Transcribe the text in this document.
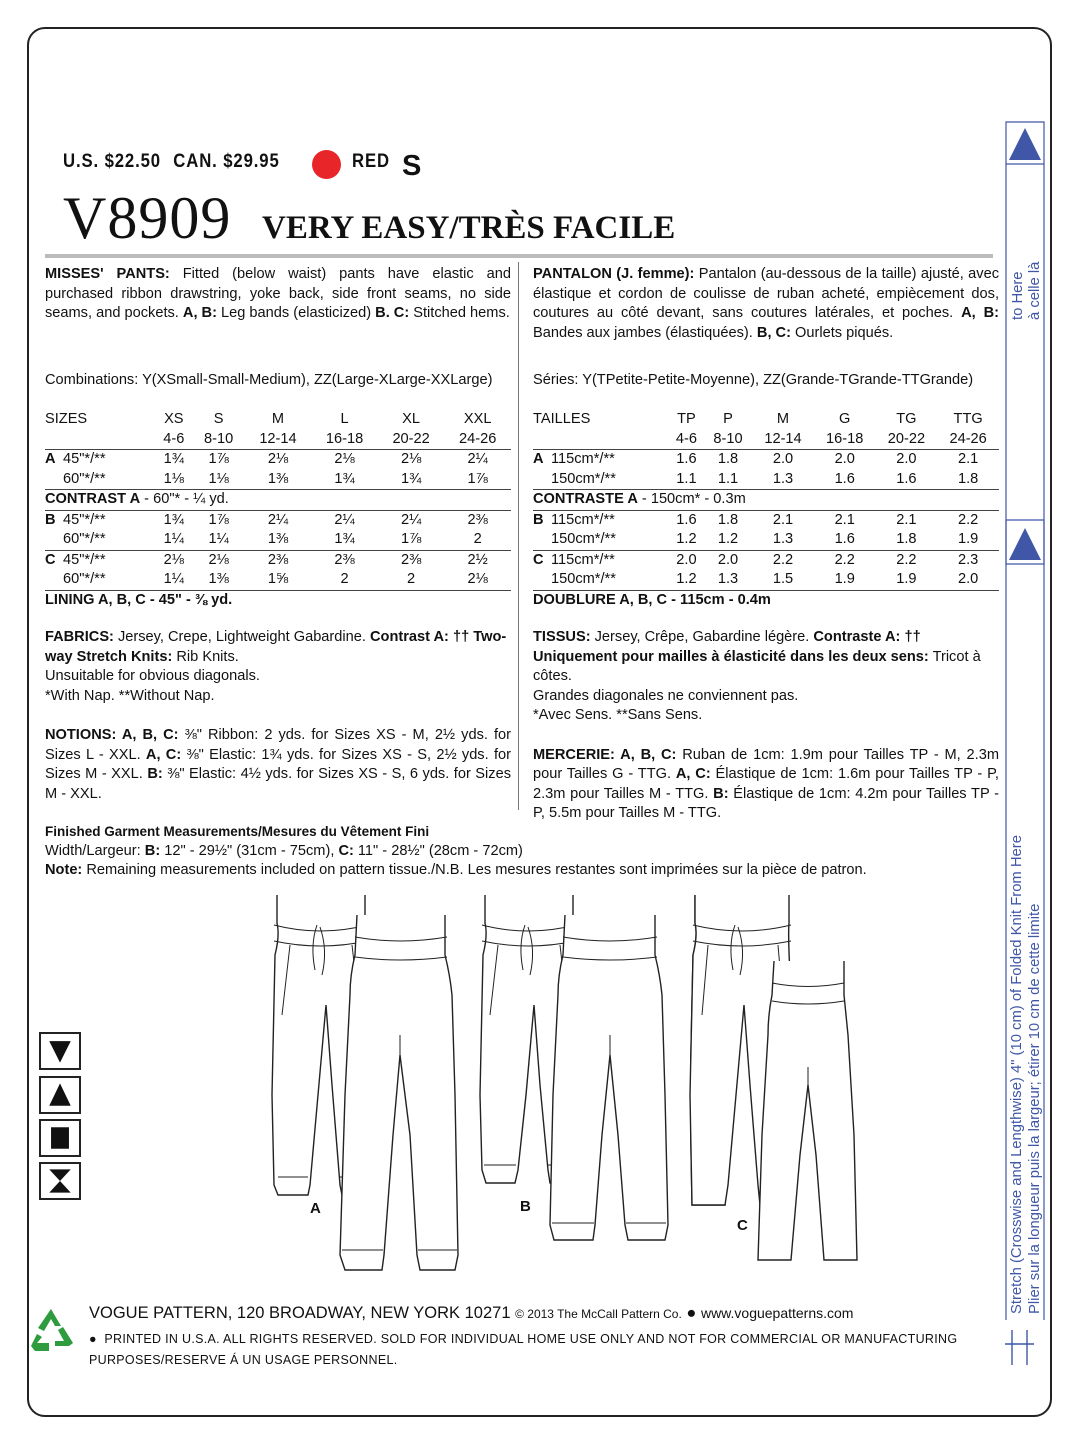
U.S. $22.50 CAN. $29.95	RED S
V8909 VERY EASY/TRÈS FACILE

MISSES' PANTS: Fitted (below waist) pants have elastic and purchased ribbon drawstring, yoke back, side front seams, no side seams, and pockets. A, B: Leg bands (elasticized) B. C: Stitched hems.

Combinations: Y(XSmall-Small-Medium), ZZ(Large-XLarge-XXLarge)

SIZES		XS	S	M	L	XL	XXL
		4-6	8-10	12-14	16-18	20-22	24-26
A	45"*/**	1¾	1⅞	2⅛	2⅛	2⅛	2¼
	60"*/**	1⅛	1⅛	1⅜	1¾	1¾	1⅞
CONTRAST A - 60"* - ¼ yd.							
B	45"*/**	1¾	1⅞	2¼	2¼	2¼	2⅜
	60"*/**	1¼	1¼	1⅜	1¾	1⅞	2
C	45"*/**	2⅛	2⅛	2⅜	2⅜	2⅜	2½
	60"*/**	1¼	1⅜	1⅝	2	2	2⅛
LINING A, B, C - 45" - ⅜ yd.							

FABRICS: Jersey, Crepe, Lightweight Gabardine. Contrast A: †† Two-way Stretch Knits: Rib Knits.

Unsuitable for obvious diagonals.

*With Nap. **Without Nap.

NOTIONS: A, B, C: ⅜" Ribbon: 2 yds. for Sizes XS - M, 2½ yds. for Sizes L - XXL. A, C: ⅜" Elastic: 1¾ yds. for Sizes XS - S, 2½ yds. for Sizes M - XXL. B: ⅜" Elastic: 4½ yds. for Sizes XS - S, 6 yds. for Sizes M - XXL.

PANTALON (J. femme): Pantalon (au-dessous de la taille) ajusté, avec élastique et cordon de coulisse de ruban acheté, empiècement dos, coutures au côté devant, sans coutures latérales, et poches. A, B: Bandes aux jambes (élastiquées). B, C: Ourlets piqués.

Séries: Y(TPetite-Petite-Moyenne), ZZ(Grande-TGrande-TTGrande)

TAILLES		TP	P	M	G	TG	TTG
		4-6	8-10	12-14	16-18	20-22	24-26
A	115cm*/**	1.6	1.8	2.0	2.0	2.0	2.1
	150cm*/**	1.1	1.1	1.3	1.6	1.6	1.8
CONTRASTE A - 150cm* - 0.3m							
B	115cm*/**	1.6	1.8	2.1	2.1	2.1	2.2
	150cm*/**	1.2	1.2	1.3	1.6	1.8	1.9
C	115cm*/**	2.0	2.0	2.2	2.2	2.2	2.3
	150cm*/**	1.2	1.3	1.5	1.9	1.9	2.0
DOUBLURE A, B, C - 115cm - 0.4m							

TISSUS: Jersey, Crêpe, Gabardine légère. Contraste A: †† Uniquement pour mailles à élasticité dans les deux sens: Tricot à côtes.

Grandes diagonales ne conviennent pas.

*Avec Sens. **Sans Sens.

MERCERIE: A, B, C: Ruban de 1cm: 1.9m pour Tailles TP - M, 2.3m pour Tailles G - TTG. A, C: Élastique de 1cm: 1.6m pour Tailles TP - P, 2.3m pour Tailles M - TTG. B: Élastique de 1cm: 4.2m pour Tailles TP - P, 5.5m pour Tailles M - TTG.

Finished Garment Measurements/Mesures du Vêtement Fini

Width/Largeur: B: 12" - 29½" (31cm - 75cm), C: 11" - 28½" (28cm - 72cm)

Note: Remaining measurements included on pattern tissue./N.B. Les mesures restantes sont imprimées sur la pièce de patron.

A	B
C
VOGUE PATTERN, 120 BROADWAY, NEW YORK 10271 © 2013 The McCall Pattern Co. ● www.voguepatterns.com
●  PRINTED IN U.S.A. ALL RIGHTS RESERVED. SOLD FOR INDIVIDUAL HOME USE ONLY AND NOT FOR COMMERCIAL OR MANUFACTURING PURPOSES/RESERVE Á UN USAGE PERSONNEL.
to Here à celle là
Stretch (Crosswise and Lengthwise) 4" (10 cm) of Folded Knit From Here Plier sur la longueur puis la largeur; étirer 10 cm de cette limite
